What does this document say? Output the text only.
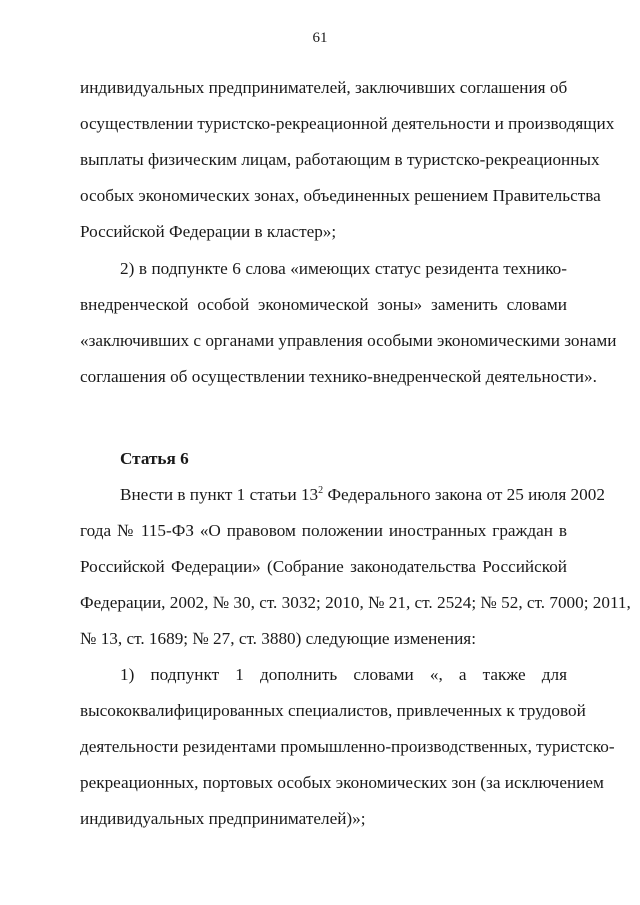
61
индивидуальных предпринимателей, заключивших соглашения об
осуществлении туристско-рекреационной деятельности и производящих
выплаты физическим лицам, работающим в туристско-рекреационных
особых экономических зонах, объединенных решением Правительства
Российской Федерации в кластер»;
2) в подпункте 6 слова «имеющих статус резидента технико-
внедренческой особой экономической зоны» заменить словами
«заключивших с органами управления особыми экономическими зонами
соглашения об осуществлении технико-внедренческой деятельности».
Статья 6
Внести в пункт 1 статьи $13^2$ Федерального закона от 25 июля 2002
года № 115-ФЗ «О правовом положении иностранных граждан в
Российской Федерации» (Собрание законодательства Российской
Федерации, 2002, № 30, ст. 3032; 2010, № 21, ст. 2524; № 52, ст. 7000; 2011,
№ 13, ст. 1689; № 27, ст. 3880) следующие изменения:
1) подпункт 1 дополнить словами «, а также для
высококвалифицированных специалистов, привлеченных к трудовой
деятельности резидентами промышленно-производственных, туристско-
рекреационных, портовых особых экономических зон (за исключением
индивидуальных предпринимателей)»;
